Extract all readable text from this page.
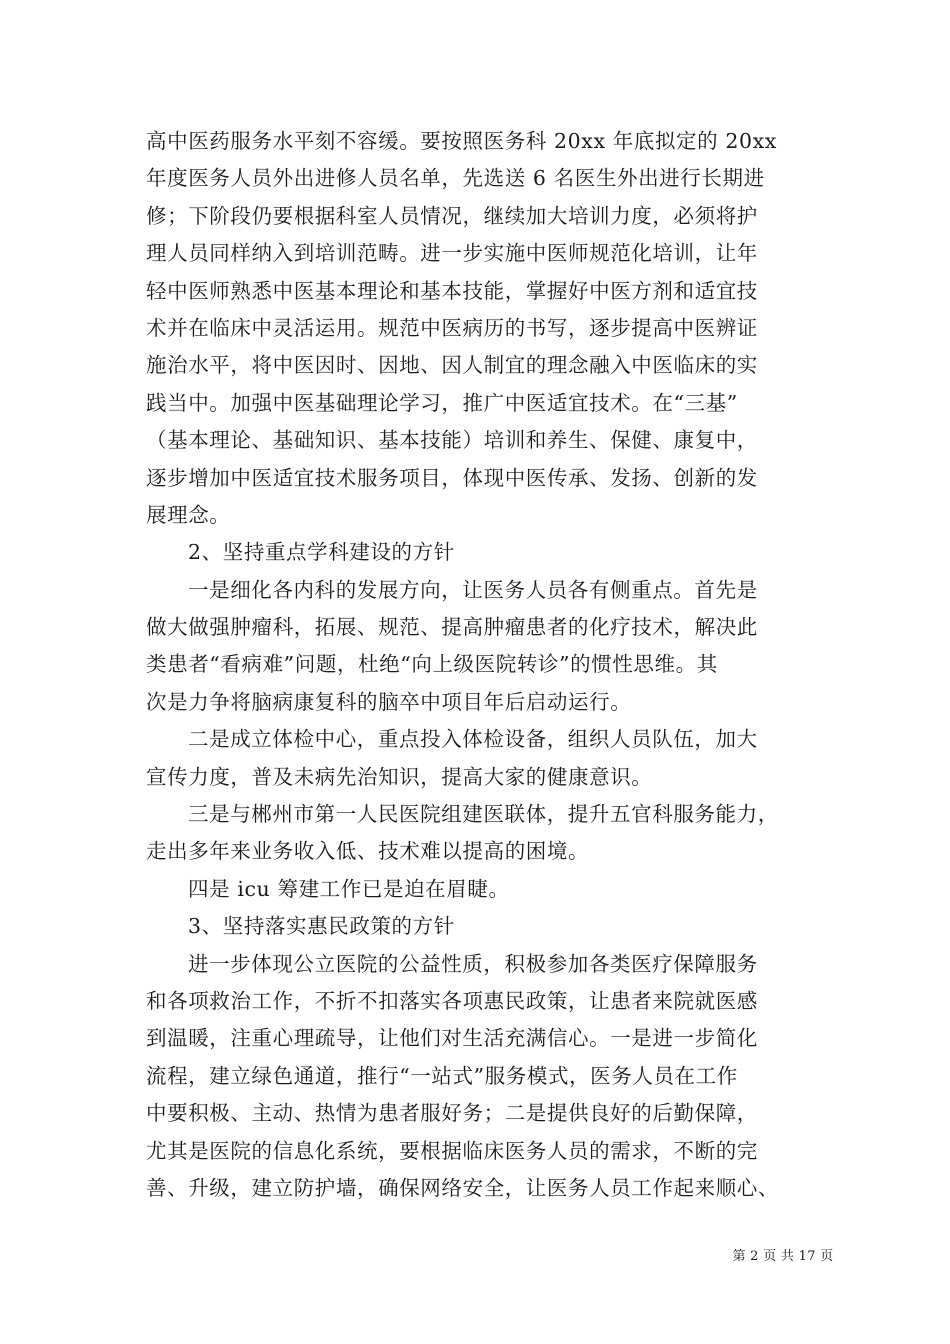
高中医药服务水平刻不容缓。要按照医务科 20xx 年底拟定的 20xx
年度医务人员外出进修人员名单，先选送 6 名医生外出进行长期进
修；下阶段仍要根据科室人员情况，继续加大培训力度，必须将护
理人员同样纳入到培训范畴。进一步实施中医师规范化培训，让年
轻中医师熟悉中医基本理论和基本技能，掌握好中医方剂和适宜技
术并在临床中灵活运用。规范中医病历的书写，逐步提高中医辨证
施治水平，将中医因时、因地、因人制宜的理念融入中医临床的实
践当中。加强中医基础理论学习，推广中医适宜技术。在“三基”
（基本理论、基础知识、基本技能）培训和养生、保健、康复中，
逐步增加中医适宜技术服务项目，体现中医传承、发扬、创新的发
展理念。
2、坚持重点学科建设的方针
一是细化各内科的发展方向，让医务人员各有侧重点。首先是
做大做强肿瘤科，拓展、规范、提高肿瘤患者的化疗技术，解决此
类患者“看病难”问题，杜绝“向上级医院转诊”的惯性思维。其
次是力争将脑病康复科的脑卒中项目年后启动运行。
二是成立体检中心，重点投入体检设备，组织人员队伍，加大
宣传力度，普及未病先治知识，提高大家的健康意识。
三是与郴州市第一人民医院组建医联体，提升五官科服务能力，
走出多年来业务收入低、技术难以提高的困境。
四是 icu 筹建工作已是迫在眉睫。
3、坚持落实惠民政策的方针
进一步体现公立医院的公益性质，积极参加各类医疗保障服务
和各项救治工作，不折不扣落实各项惠民政策，让患者来院就医感
到温暖，注重心理疏导，让他们对生活充满信心。一是进一步简化
流程，建立绿色通道，推行“一站式”服务模式，医务人员在工作
中要积极、主动、热情为患者服好务；二是提供良好的后勤保障，
尤其是医院的信息化系统，要根据临床医务人员的需求，不断的完
善、升级，建立防护墙，确保网络安全，让医务人员工作起来顺心、
第 2 页 共 17 页
